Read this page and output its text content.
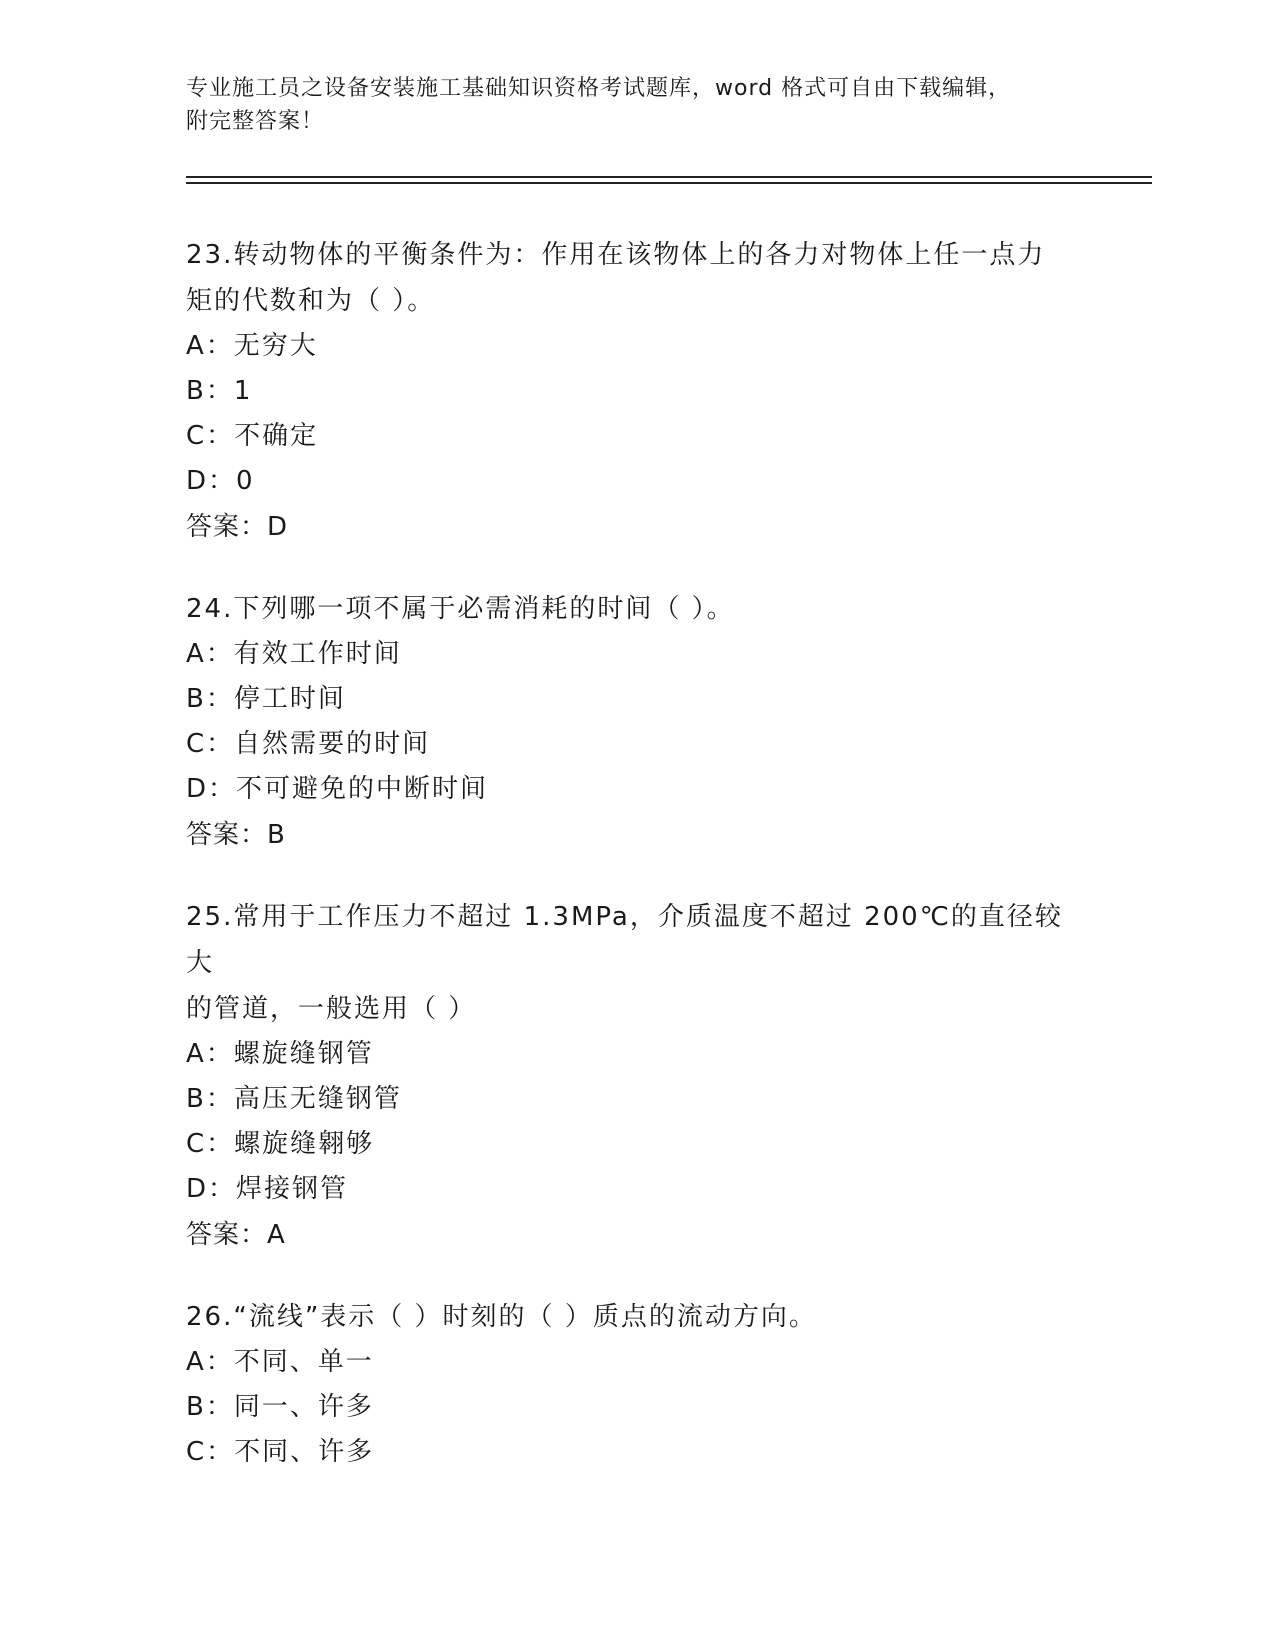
专业施工员之设备安装施工基础知识资格考试题库，word 格式可自由下载编辑，
附完整答案！

23.转动物体的平衡条件为：作用在该物体上的各力对物体上任一点力

矩的代数和为（ ）。

A：无穷大

B：1

C：不确定

D：0

答案：D

24.下列哪一项不属于必需消耗的时间（ ）。

A：有效工作时间

B：停工时间

C：自然需要的时间

D：不可避免的中断时间

答案：B

25.常用于工作压力不超过 1.3MPa，介质温度不超过 200℃的直径较大

的管道，一般选用（ ）

A：螺旋缝钢管

B：高压无缝钢管

C：螺旋缝翱够

D：焊接钢管

答案：A

26.“流线”表示（ ）时刻的（ ）质点的流动方向。

A：不同、单一

B：同一、许多

C：不同、许多
